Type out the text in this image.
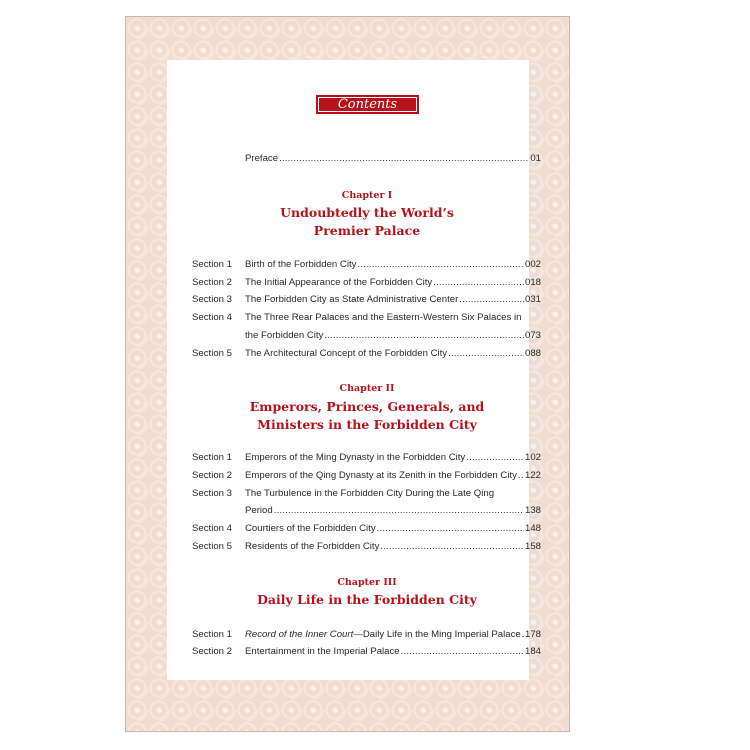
Contents
Preface .....	01
Chapter I
Undoubtedly the World’s
Premier Palace
Section 1 Birth of the Forbidden City .....	002
Section 2 The Initial Appearance of the Forbidden City .....	018
Section 3 The Forbidden City as State Administrative Center .....	031
Section 4 The Three Rear Palaces and the Eastern-Western Six Palaces in
the Forbidden City .....	073
Section 5 The Architectural Concept of the Forbidden City .....	088
Chapter II
Emperors, Princes, Generals, and
Ministers in the Forbidden City
Section 1 Emperors of the Ming Dynasty in the Forbidden City .....	102
Section 2 Emperors of the Qing Dynasty at its Zenith in the Forbidden City ..... 122
Section 3 The Turbulence in the Forbidden City During the Late Qing
Period .....	138
Section 4 Courtiers of the Forbidden City .....	148
Section 5 Residents of the Forbidden City .....	158
Chapter III
Daily Life in the Forbidden City
Section 1 Record of the Inner Court —Daily Life in the Ming Imperial Palace ..... 178
Section 2 Entertainment in the Imperial Palace .....	184
